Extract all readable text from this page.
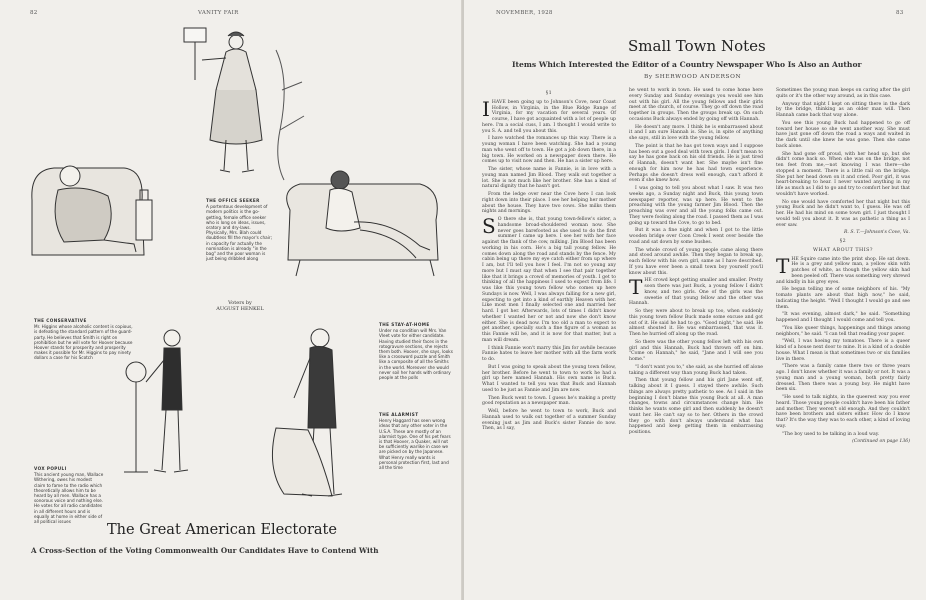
82	VANITY FAIR
THE OFFICE SEEKER
A portentous development of modern politics is the go-getting, female office seeker who is long on ideas, issues, oratory and dry-laws. Physically, Mrs. Blah could doubtless fill the mayor's chair; in capacity for actually the nomination is already "in the bag" and the poor woman is just being dribbled along
THE CONSERVATIVE
Mr. Higgins whose alcoholic content is copious, is defeating the standard pattern of the guard-party. He believes that Smith is right on prohibition but he will vote for Hoover because Hoover stands for prosperity and prosperity makes it possible for Mr. Higgins to pay ninety dollars a case for his Scotch
THE STAY-AT-HOME
Under no condition will Mrs. Van Vleet vote for either candidate. Having studied their faces in the rotogravure sections, she rejects them both. Hoover, she says, looks like a crossword puzzle and Smith like a composite of all the Smiths in the world. Moreover she would never soil her hands with ordinary people at the polls
Voters by
AUGUST HENKEL
VOX POPULI
This ancient young man, Wallace Withering, owes his modest claim to fame to the radio which theoretically allows him to be heard by all men. Wallace has a sonorous voice and nothing else. He votes for all radio candidates in all different hours and is equally at home in either side of all political issues
THE ALARMIST
Henry Haggard has seen wrong ideas that any other voter in the U.S.A. These are mostly of an alarmist type. One of his pet fears is that Hoover, a Quaker, will not be sufficiently warlike in case we are picked on by the Japanese. What Henry really wants is personal protection first, last and all the time
The Great American Electorate
A Cross-Section of the Voting Commonwealth Our Candidates Have to Contend With
NOVEMBER, 1928	83
Small Town Notes
Items Which Interested the Editor of a Country Newspaper Who Is Also an Author
By SHERWOOD ANDERSON
§1

IHAVE been going up to Johnson's Cove, near Coast Hollow, in Virginia, in the Blue Ridge Range of Virginia, for my vacation for several years. Of course, I have got acquainted with a lot of people up here. I'm a social cuss, I am. I thought I would write to you S. A. and tell you about this.

I have watched the romances up this way. There is a young woman I have been watching. She had a young man who went off to town. He got a job down there, in a big town. He worked on a newspaper down there. He comes up to visit now and then. He has a sister up here.

The sister, whose name is Fannie, is in love with a young man named Jim Blood. They walk out together a lot. She is not much like her brother. She has a kind of natural dignity that he hasn't got.

From the ledge over near the Cove here I can look right down into their place. I see her helping her mother about the house. They have two cows. She milks them nights and mornings.

S O there she is, that young town-fellow's sister, a handsome broad-shouldered woman now. She never goes barefooted as she used to do the first summer I came up here. I see her with her face against the flank of the cow, milking. Jim Blood has been working in his corn. He's a big tall young fellow. He comes down along the road and stands by the fence. My cabin being up there my eye catch either from up where I am, but I'll tell you how I feel. I'm not so young any more but I must say that when I see that pair together like that it brings a crowd of memories of youth. I get to thinking of all the happiness I used to expect from life. I was like this young town fellow who comes up here Sundays is now. Well, I was always falling for a new girl, expecting to get into a kind of earthly Heaven with her. Like most men I finally selected one and married her hard. I got her. Afterwards, lots of times I didn't know whether I wanted her or not and now she don't know either. She is dead now. I'm too old a man to expect to get another, specially such a fine figure of a woman as this Fannie will be, and it is now for that matter, but a man will dream.

I think Fannie won't marry this Jim for awhile because Fannie hates to leave her mother with all the farm work to do.

But I was going to speak about the young town fellow, her brother. Before he went to town to work he had a girl up here named Hannah. His own name is Buck. What I wanted to tell you was that Buck and Hannah used to be just as Fannie and Jim are now.

Then Buck went to town. I guess he's making a pretty good reputation as a newspaper man.

Well, before he went to town to work, Buck and Hannah used to walk out together of a summer Sunday evening just as Jim and Buck's sister Fannie do now. Then, as I say,

he went to work in town. He used to come home here every Sunday and Sunday evenings you would see him out with his girl. All the young fellows and their girls meet at the church, of course. They go off down the road together in groups. Then the groups break up. On such occasions Buck always ended by going off with Hannah.

He doesn't any more. I think he is embarrassed about it and I am sure Hannah is. She is, in spite of anything she says, still in love with the young fellow.

The point is that he has got town ways and I suppose has been out a good deal with town girls. I don't mean to say he has gone back on his old friends. He is just tired of Hannah, doesn't want her. She maybe isn't fine enough for him now he has had town experience. Perhaps she doesn't dress well enough, can't afford it even if she knew how.

I was going to tell you about what I saw. It was two weeks ago, a Sunday night and Buck, this young town newspaper reporter, was up here. He went to the preaching with the young farmer Jim Blood. Then the preaching was over and all the young folks came out. They were fooling along the road. I passed them as I was going up toward the Cove, to go to bed.

But it was a fine night and when I got to the little wooden bridge over Coon Creek I went over beside the road and sat down by some bushes.

The whole crowd of young people came along there and stood around awhile. Then they began to break up, each fellow with his own girl, same as I have described. If you have ever been a small town boy yourself you'll know about this.

THE crowd kept getting smaller and smaller. Pretty soon there was just Buck, a young fellow I didn't know, and two girls. One of the girls was the sweetie of that young fellow and the other was Hannah.

So they were about to break up too, when suddenly this young town fellow Buck made some excuse and got out of it. He said he had to go. "Good night," he said. He almost shouted it. He was embarrassed, that was it. Then he hurried off along up the road.

So there was the other young fellow left with his own girl and this Hannah, Buck had thrown off on him. "Come on Hannah," he said, "Jane and I will see you home."

"I don't want you to," she said, as she hurried off alone taking a different way than young Buck had taken.

Then that young fellow and his girl Jane went off, talking about it I guess. I stayed there awhile. Such things are always pretty pathetic to see. As I said in the beginning I don't blame this young Buck at all. A man changes, towns and circumstances change him. He thinks he wants some girl and then suddenly he doesn't want her. He can't say so to her. Others in the crowd they go with don't always understand what has happened and keep getting them in embarrassing positions.

Sometimes the young man keeps on caring after the girl quits or it's the other way around, as in this case.

Anyway that night I kept on sitting there in the dark by the bridge, thinking as an older man will. Then Hannah came back that way alone.

You see this young Buck had happened to go off toward her house so she went another way. She must have just gone off down the road a ways and waited in the dark until she knew he was gone. Then she came back alone.

She had gone off proud, with her head up, but she didn't come back so. When she was on the bridge, not ten feet from me,—not knowing I was there—she stopped a moment. There is a little rail on the bridge. She put her head down on it and cried. Poor girl, it was heart-breaking to hear. I never wanted anything in my life as much as I did to go and try to comfort her but that wouldn't have worked.

No one would have comforted her that night but this young Buck and he didn't want to, I guess. He was off her. He had his mind on some town girl. I just thought I would tell you about it. It was as pathetic a thing as I ever saw.

R. S. T.—Johnson's Cove, Va.

§2
WHAT ABOUT THIS?

THE Squire came into the print shop. He sat down. He is a grey and yellow man, a yellow skin with patches of white, as though the yellow skin had been peeled off. There was something very shrewd and kindly in his grey eyes.

He began telling me of some neighbors of his. "My tomato plants are about that high now," he said, indicating the height. "Well I thought I would go and see them.

"It was evening, almost dark," he said. "Something happened and I thought I would come and tell you.

"You like queer things, happenings and things among neighbors," he said. "I can tell that reading your paper.

"Well, I was hoeing my tomatoes. There is a queer kind of a house next door to mine. It is a kind of a double house. What I mean is that sometimes two or six families live in there.

"There was a family came there two or three years ago. I don't know whether it was a family or not. It was a young man and a young woman, both pretty fairly dressed. Then there was a young boy. He might have been six.

"He used to talk nights, in the queerest way you ever heard. Those young people couldn't have been his father and mother. They weren't old enough. And they couldn't have been brothers and sisters either. How do I know that? It's the way they was to each other, a kind of loving way.

"The boy used to be talking in a loud way.

(Continued on page 136)
